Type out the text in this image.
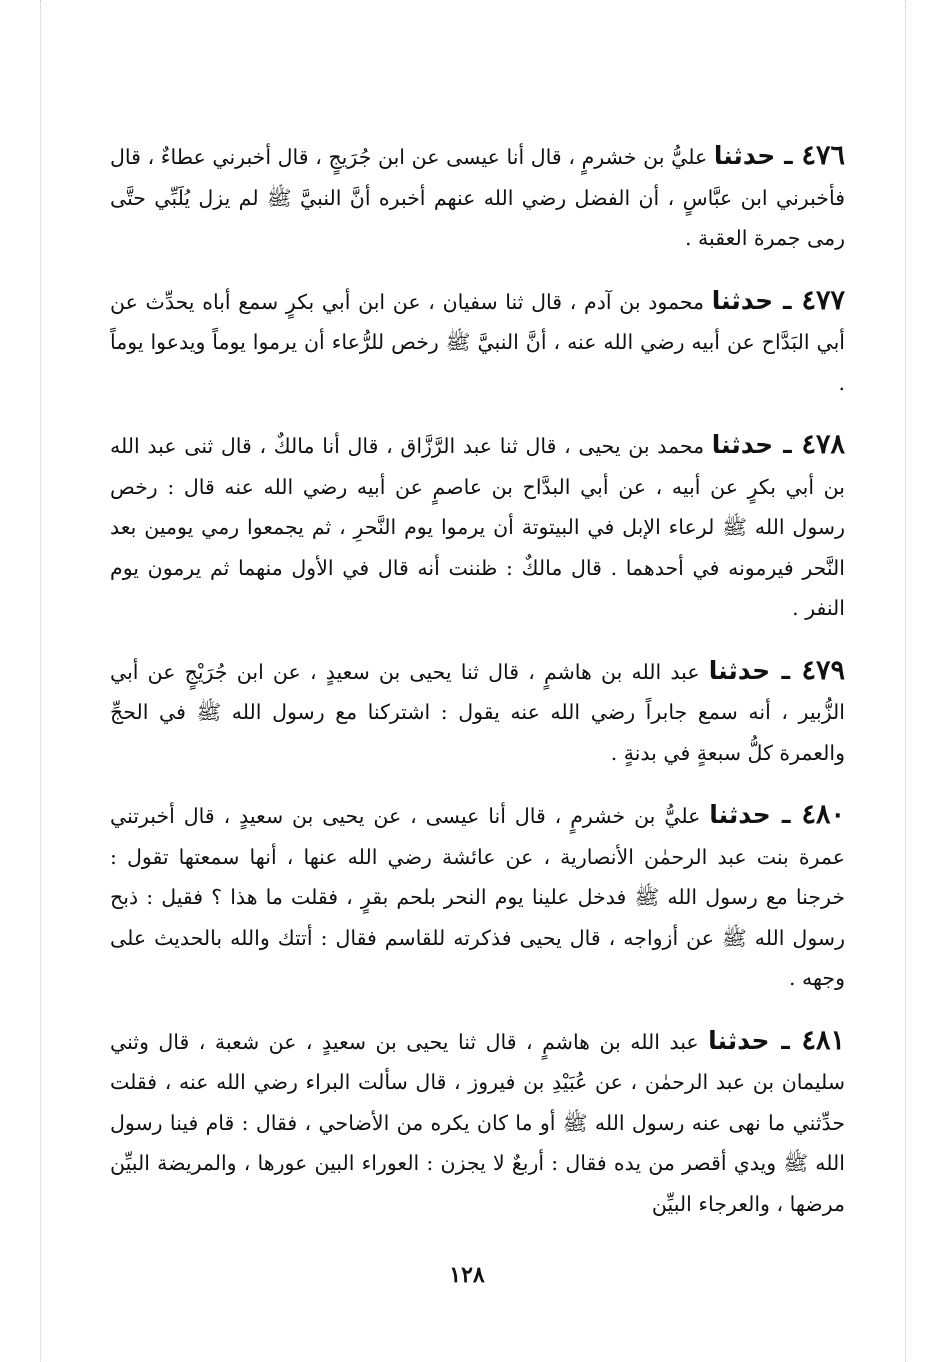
٤٧٦ ـ حدثنا عليُّ بن خشرمٍ ، قال أنا عيسى عن ابن جُرَيجٍ ، قال أخبرني عطاءٌ ، قال فأخبرني ابن عبَّاسٍ ، أن الفضل رضي الله عنهم أخبره أنَّ النبيَّ ﷺ لم يزل يُلَبِّي حتَّى رمى جمرة العقبة .

٤٧٧ ـ حدثنا محمود بن آدم ، قال ثنا سفيان ، عن ابن أبي بكرٍ سمع أباه يحدِّث عن أبي البَدَّاح عن أبيه رضي الله عنه ، أنَّ النبيَّ ﷺ رخص للرُّعاء أن يرموا يوماً ويدعوا يوماً .

٤٧٨ ـ حدثنا محمد بن يحيى ، قال ثنا عبد الرَّزَّاق ، قال أنا مالكٌ ، قال ثنى عبد الله بن أبي بكرٍ عن أبيه ، عن أبي البدَّاح بن عاصمٍ عن أبيه رضي الله عنه قال : رخص رسول الله ﷺ لرعاء الإبل في البيتوتة أن يرموا يوم النَّحرِ ، ثم يجمعوا رمي يومين بعد النَّحر فيرمونه في أحدهما . قال مالكٌ : ظننت أنه قال في الأول منهما ثم يرمون يوم النفر .

٤٧٩ ـ حدثنا عبد الله بن هاشمٍ ، قال ثنا يحيى بن سعيدٍ ، عن ابن جُرَيْجٍ عن أبي الزُّبير ، أنه سمع جابراً رضي الله عنه يقول : اشتركنا مع رسول الله ﷺ في الحجِّ والعمرة كلُّ سبعةٍ في بدنةٍ .

٤٨٠ ـ حدثنا عليُّ بن خشرمٍ ، قال أنا عيسى ، عن يحيى بن سعيدٍ ، قال أخبرتني عمرة بنت عبد الرحمٰن الأنصارية ، عن عائشة رضي الله عنها ، أنها سمعتها تقول : خرجنا مع رسول الله ﷺ فدخل علينا يوم النحر بلحم بقرٍ ، فقلت ما هذا ؟ فقيل : ذبح رسول الله ﷺ عن أزواجه ، قال يحيى فذكرته للقاسم فقال : أتتك والله بالحديث على وجهه .

٤٨١ ـ حدثنا عبد الله بن هاشمٍ ، قال ثنا يحيى بن سعيدٍ ، عن شعبة ، قال وثني سليمان بن عبد الرحمٰن ، عن عُبَيْدِ بن فيروز ، قال سألت البراء رضي الله عنه ، فقلت حدِّثني ما نهى عنه رسول الله ﷺ أو ما كان يكره من الأضاحي ، فقال : قام فينا رسول الله ﷺ ويدي أقصر من يده فقال : أربعٌ لا يجزن : العوراء البين عورها ، والمريضة البيِّن مرضها ، والعرجاء البيِّن

١٢٨
